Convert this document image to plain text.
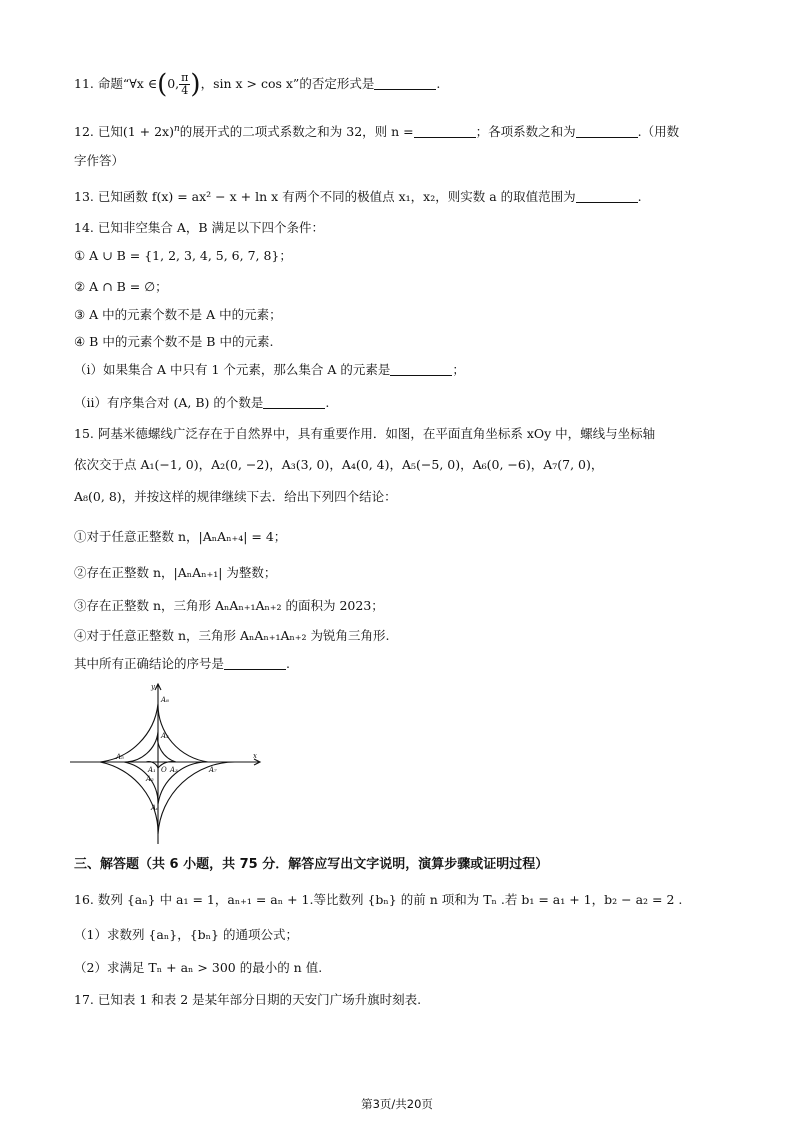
11. 命题“∀x ∈(0, $\frac{\pi}{4}$ )，sin x > cos x”的否定形式是	.
12. 已知$(1 + 2x)^n$的展开式的二项式系数之和为 32，则 n =	；各项系数之和为	.（用数
字作答）
13. 已知函数 f(x) = ax² − x + ln x 有两个不同的极值点 x₁，x₂，则实数 a 的取值范围为	.
14. 已知非空集合 A，B 满足以下四个条件：
① A ∪ B = {1, 2, 3, 4, 5, 6, 7, 8}；
② A ∩ B = ∅；
③ A 中的元素个数不是 A 中的元素；
④ B 中的元素个数不是 B 中的元素.
（i）如果集合 A 中只有 1 个元素，那么集合 A 的元素是	；
（ii）有序集合对 (A, B) 的个数是	.
15. 阿基米德螺线广泛存在于自然界中，具有重要作用．如图，在平面直角坐标系 xOy 中，螺线与坐标轴
依次交于点 A₁(−1, 0)，A₂(0, −2)，A₃(3, 0)，A₄(0, 4)，A₅(−5, 0)，A₆(0, −6)，A₇(7, 0)，
A₈(0, 8)，并按这样的规律继续下去．给出下列四个结论：
①对于任意正整数 n，|AₙAₙ₊₄| = 4；
②存在正整数 n，|AₙAₙ₊₁| 为整数；
③存在正整数 n，三角形 AₙAₙ₊₁Aₙ₊₂ 的面积为 2023；
④对于任意正整数 n，三角形 AₙAₙ₊₁Aₙ₊₂ 为锐角三角形.
其中所有正确结论的序号是	.
y
x
O
A₁
A₂
A₃
A₄
A₅
A₆
A₇
A₈
三、解答题（共 6 小题，共 75 分．解答应写出文字说明，演算步骤或证明过程）
16. 数列 {aₙ} 中 a₁ = 1，aₙ₊₁ = aₙ + 1.等比数列 {bₙ} 的前 n 项和为 Tₙ .若 b₁ = a₁ + 1，b₂ − a₂ = 2 .
（1）求数列 {aₙ}，{bₙ} 的通项公式；
（2）求满足 Tₙ + aₙ > 300 的最小的 n 值.
17. 已知表 1 和表 2 是某年部分日期的天安门广场升旗时刻表.
第3页/共20页
